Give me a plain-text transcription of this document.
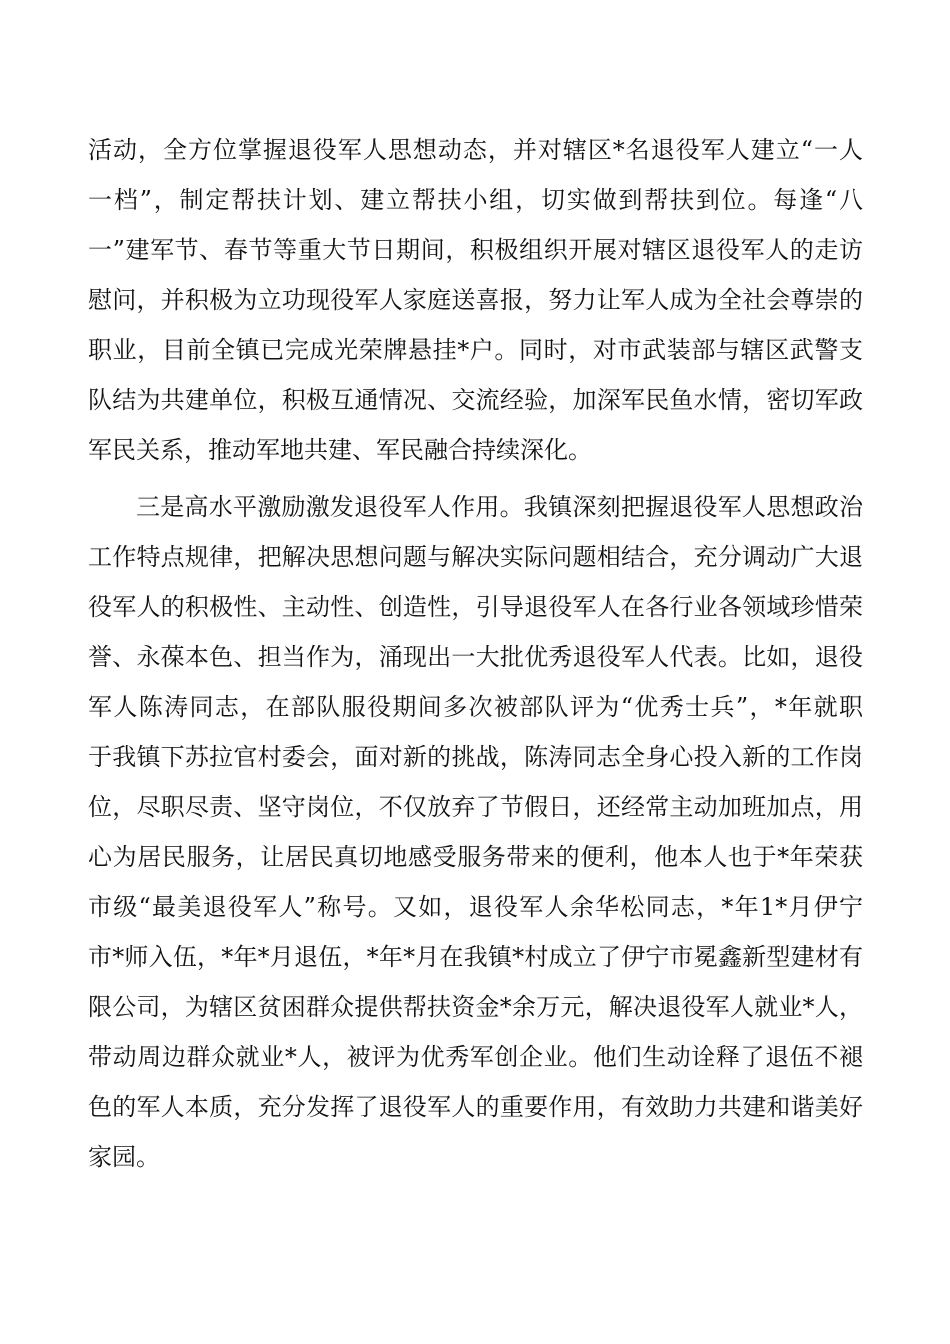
活动，全方位掌握退役军人思想动态，并对辖区*名退役军人建立“一人
一档”，制定帮扶计划、建立帮扶小组，切实做到帮扶到位。每逢“八
一”建军节、春节等重大节日期间，积极组织开展对辖区退役军人的走访
慰问，并积极为立功现役军人家庭送喜报，努力让军人成为全社会尊崇的
职业，目前全镇已完成光荣牌悬挂*户。同时，对市武装部与辖区武警支
队结为共建单位，积极互通情况、交流经验，加深军民鱼水情，密切军政
军民关系，推动军地共建、军民融合持续深化。
三是高水平激励激发退役军人作用。我镇深刻把握退役军人思想政治
工作特点规律，把解决思想问题与解决实际问题相结合，充分调动广大退
役军人的积极性、主动性、创造性，引导退役军人在各行业各领域珍惜荣
誉、永葆本色、担当作为，涌现出一大批优秀退役军人代表。比如，退役
军人陈涛同志，在部队服役期间多次被部队评为“优秀士兵”，*年就职
于我镇下苏拉官村委会，面对新的挑战，陈涛同志全身心投入新的工作岗
位，尽职尽责、坚守岗位，不仅放弃了节假日，还经常主动加班加点，用
心为居民服务，让居民真切地感受服务带来的便利，他本人也于*年荣获
市级“最美退役军人”称号。又如，退役军人余华松同志，*年1*月伊宁
市*师入伍，*年*月退伍，*年*月在我镇*村成立了伊宁市冕鑫新型建材有
限公司，为辖区贫困群众提供帮扶资金*余万元，解决退役军人就业*人，
带动周边群众就业*人，被评为优秀军创企业。他们生动诠释了退伍不褪
色的军人本质，充分发挥了退役军人的重要作用，有效助力共建和谐美好
家园。
